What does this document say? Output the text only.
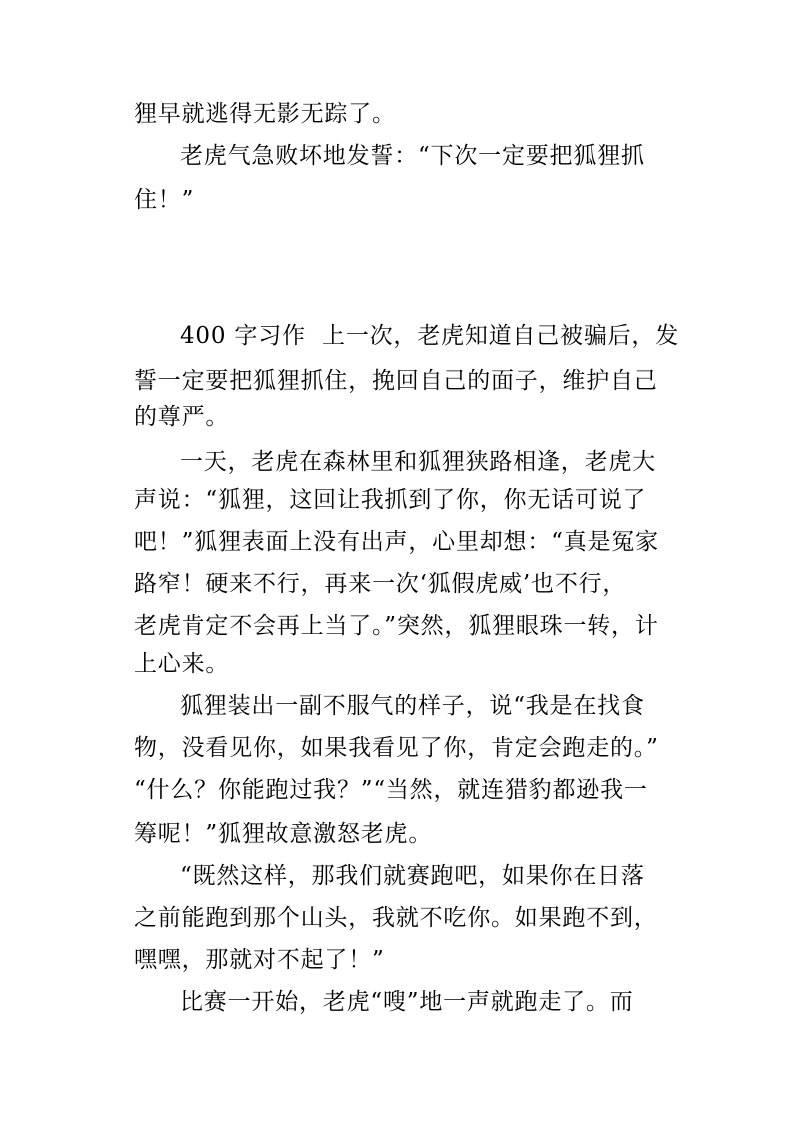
狸早就逃得无影无踪了。
老虎气急败坏地发誓：“下次一定要把狐狸抓
住！”
400 字习作  上一次，老虎知道自己被骗后，发
誓一定要把狐狸抓住，挽回自己的面子，维护自己
的尊严。
一天，老虎在森林里和狐狸狭路相逢，老虎大
声说：“狐狸，这回让我抓到了你，你无话可说了
吧！”狐狸表面上没有出声，心里却想：“真是冤家
路窄！硬来不行，再来一次‘狐假虎威’也不行，
老虎肯定不会再上当了。”突然，狐狸眼珠一转，计
上心来。
狐狸装出一副不服气的样子，说“我是在找食
物，没看见你，如果我看见了你，肯定会跑走的。”
“什么？你能跑过我？”“当然，就连猎豹都逊我一
筹呢！”狐狸故意激怒老虎。
“既然这样，那我们就赛跑吧，如果你在日落
之前能跑到那个山头，我就不吃你。如果跑不到，
嘿嘿，那就对不起了！”
比赛一开始，老虎“嗖”地一声就跑走了。而
